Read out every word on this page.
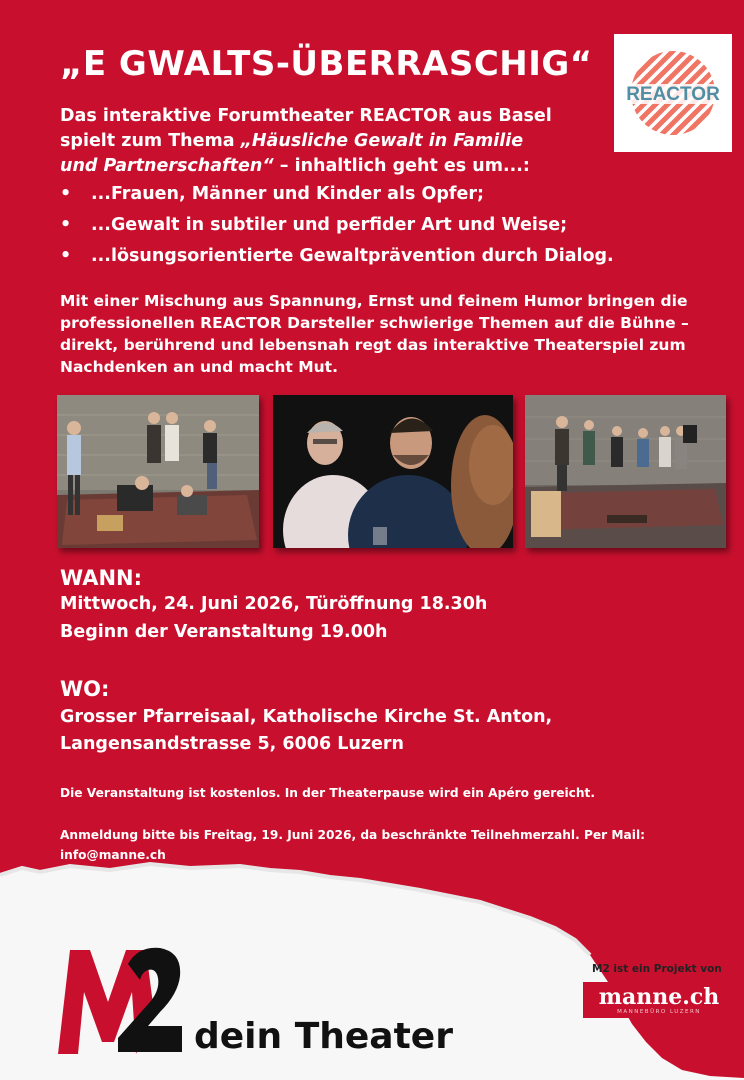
„E GWALTS-ÜBERRASCHIG“
REACTOR
Das interaktive Forumtheater REACTOR aus Basel
spielt zum Thema „Häusliche Gewalt in Familie
und Partnerschaften“ – inhaltlich geht es um...:
• ...Frauen, Männer und Kinder als Opfer;
• ...Gewalt in subtiler und perfider Art und Weise;
• ...lösungsorientierte Gewaltprävention durch Dialog.
Mit einer Mischung aus Spannung, Ernst und feinem Humor bringen die professionellen REACTOR Darsteller schwierige Themen auf die Bühne – direkt, berührend und lebensnah regt das interaktive Theaterspiel zum Nachdenken an und macht Mut.
WANN:
Mittwoch, 24. Juni 2026, Türöffnung 18.30h
Beginn der Veranstaltung 19.00h
WO:
Grosser Pfarreisaal, Katholische Kirche St. Anton,
Langensandstrasse 5, 6006 Luzern
Die Veranstaltung ist kostenlos. In der Theaterpause wird ein Apéro gereicht.
Anmeldung bitte bis Freitag, 19. Juni 2026, da beschränkte Teilnehmerzahl. Per Mail: info@manne.ch
dein Theater
M2 ist ein Projekt von
manne.ch
MANNEBÜRO LUZERN
